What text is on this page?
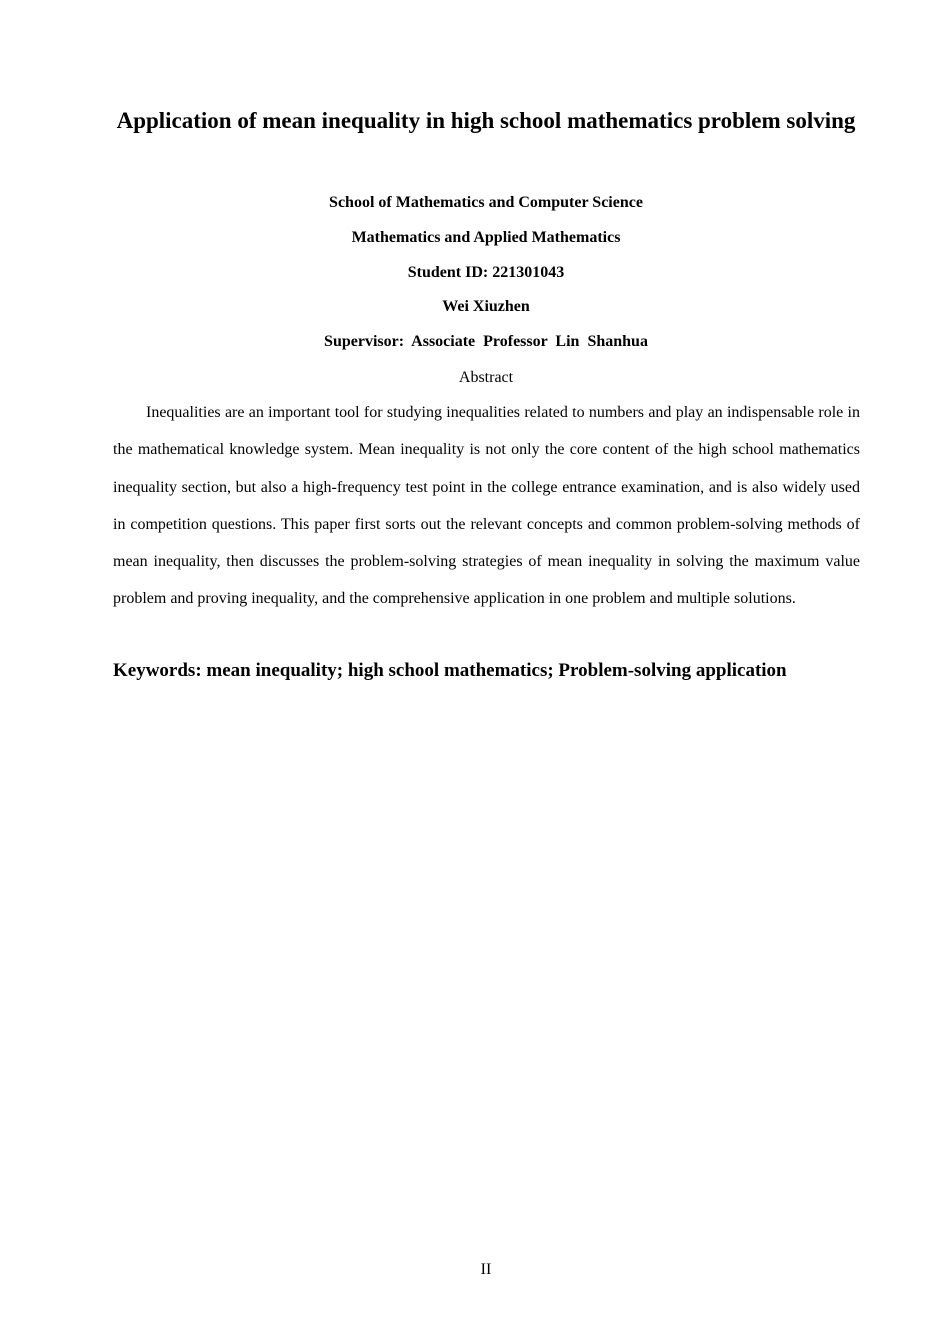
Application of mean inequality in high school mathematics problem solving

School of Mathematics and Computer Science

Mathematics and Applied Mathematics

Student ID: 221301043

Wei Xiuzhen

Supervisor: Associate Professor Lin Shanhua

Abstract

Inequalities are an important tool for studying inequalities related to numbers and play an indispensable role in the mathematical knowledge system. Mean inequality is not only the core content of the high school mathematics inequality section, but also a high-frequency test point in the college entrance examination, and is also widely used in competition questions. This paper first sorts out the relevant concepts and common problem-solving methods of mean inequality, then discusses the problem-solving strategies of mean inequality in solving the maximum value problem and proving inequality, and the comprehensive application in one problem and multiple solutions.

Keywords: mean inequality; high school mathematics; Problem-solving application

II
